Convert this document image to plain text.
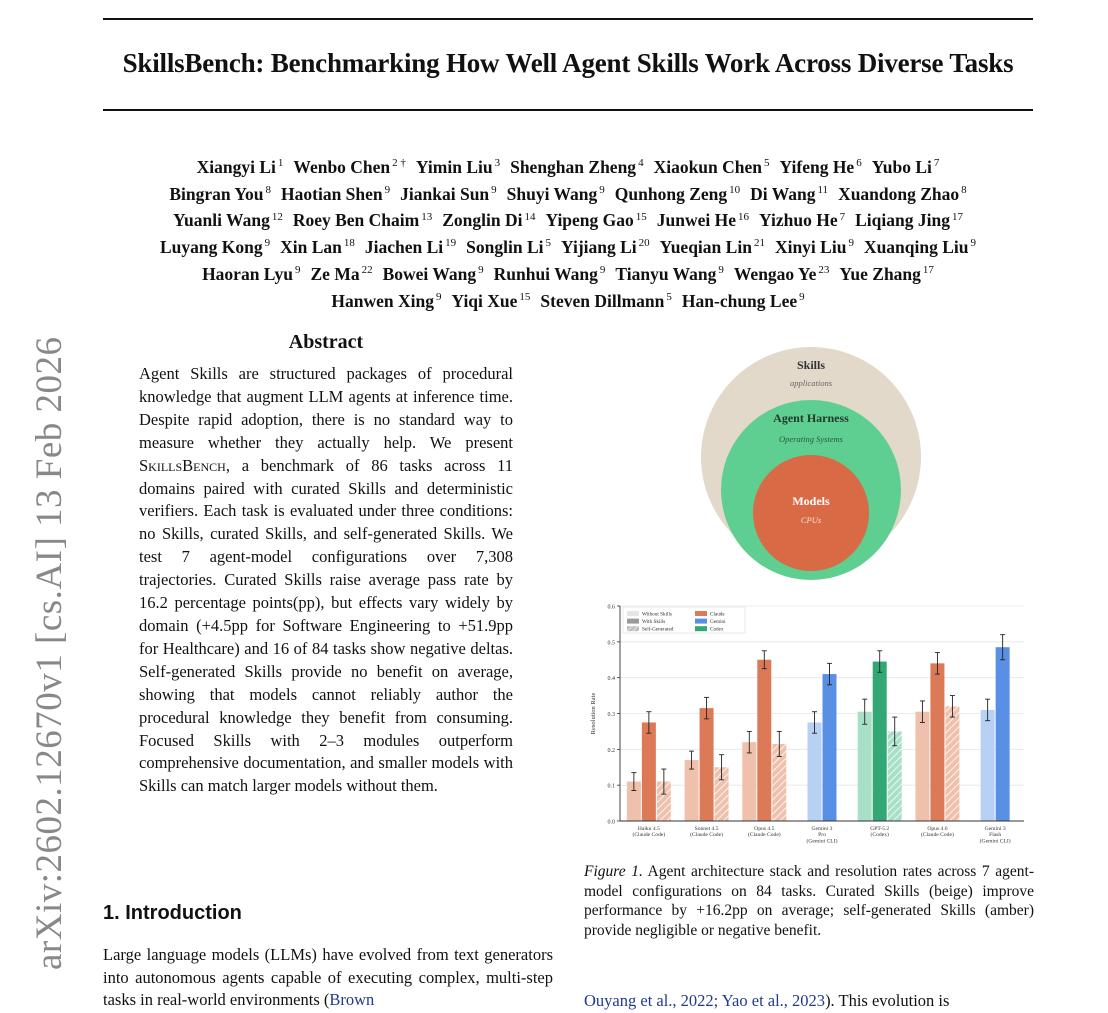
SkillsBench: Benchmarking How Well Agent Skills Work Across Diverse Tasks
Xiangyi Li $^1$ Wenbo Chen $^{2 \dagger}$ Yimin Liu $^3$ Shenghan Zheng $^4$ Xiaokun Chen $^5$ Yifeng He $^6$ Yubo Li $^7$
Bingran You $^8$ Haotian Shen $^9$ Jiankai Sun $^9$ Shuyi Wang $^9$ Qunhong Zeng $^{10}$ Di Wang $^{11}$ Xuandong Zhao $^8$
Yuanli Wang $^{12}$ Roey Ben Chaim $^{13}$ Zonglin Di $^{14}$ Yipeng Gao $^{15}$ Junwei He $^{16}$ Yizhuo He $^7$ Liqiang Jing $^{17}$
Luyang Kong $^9$ Xin Lan $^{18}$ Jiachen Li $^{19}$ Songlin Li $^5$ Yijiang Li $^{20}$ Yueqian Lin $^{21}$ Xinyi Liu $^9$ Xuanqing Liu $^9$
Haoran Lyu $^9$ Ze Ma $^{22}$ Bowei Wang $^9$ Runhui Wang $^9$ Tianyu Wang $^9$ Wengao Ye $^{23}$ Yue Zhang $^{17}$
Hanwen Xing $^9$ Yiqi Xue $^{15}$ Steven Dillmann $^5$ Han-chung Lee $^9$
arXiv:2602.12670v1 [cs.AI] 13 Feb 2026	Abstract
Agent Skills are structured packages of procedural knowledge that augment LLM agents at inference time. Despite rapid adoption, there is no standard way to measure whether they actually help. We present SkillsBench, a benchmark of 86 tasks across 11 domains paired with curated Skills and deterministic verifiers. Each task is evaluated under three conditions: no Skills, curated Skills, and self-generated Skills. We test 7 agent-model configurations over 7,308 trajectories. Curated Skills raise average pass rate by 16.2 percentage points(pp), but effects vary widely by domain (+4.5pp for Software Engineering to +51.9pp for Healthcare) and 16 of 84 tasks show negative deltas. Self-generated Skills provide no benefit on average, showing that models cannot reliably author the procedural knowledge they benefit from consuming. Focused Skills with 2–3 modules outperform comprehensive documentation, and smaller models with Skills can match larger models without them.
1. Introduction
Large language models (LLMs) have evolved from text generators into autonomous agents capable of executing complex, multi-step tasks in real-world environments (Brown	Ouyang et al., 2022; Yao et al., 2023). This evolution is
Skills
applications
Agent Harness
Operating Systems
Models
CPUs
0.0
0.1
0.2
0.3
0.4
0.5
0.6
Resolution Rate
Haiku 4.5 (Claude Code)
Sonnet 4.5 (Claude Code)
Opus 4.5 (Claude Code)
Gemini 3 Pro (Gemini CLI)
GPT-5.2 (Codex)
Opus 4.6 (Claude Code)
Gemini 3 Flash (Gemini CLI)
Without Skills
With Skills
Self-Generated
Claude
Gemini
Codex
Figure 1. Agent architecture stack and resolution rates across 7 agent-model configurations on 84 tasks. Curated Skills (beige) improve performance by +16.2pp on average; self-generated Skills (amber) provide negligible or negative benefit.
